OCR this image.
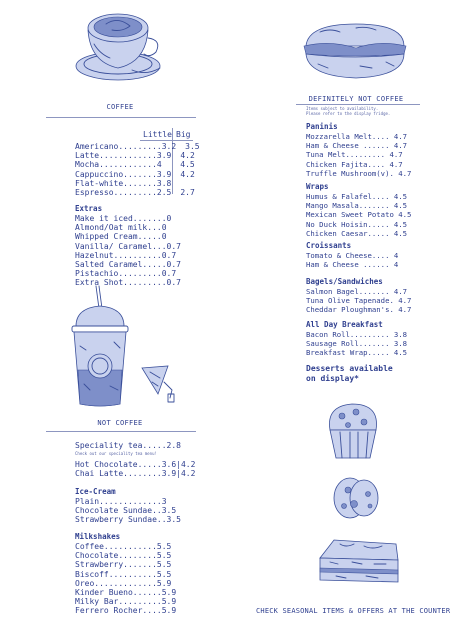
COFFEE
Little Big
Americano.........3.2 3.5
Latte............3.9 4.2
Mocha............4 4.5
Cappuccino.......3.9 4.2
Flat-white.......3.8
Espresso.........2.5 2.7
Extras
Make it iced.......0
Almond/Oat milk...0
Whipped Cream.....0
Vanilla/ Caramel...0.7
Hazelnut..........0.7
Salted Caramel.....0.7
Pistachio.........0.7
Extra Shot.........0.7
NOT COFFEE
Speciality tea.....2.8
Check out our speciality tea menu!
Hot Chocolate.....3.6|4.2
Chai Latte........3.9|4.2
Ice-Cream
Plain.............3
Chocolate Sundae..3.5
Strawberry Sundae..3.5
Milkshakes
Coffee...........5.5
Chocolate........5.5
Strawberry.......5.5
Biscoff..........5.5
Oreo.............5.9
Kinder Bueno......5.9
Milky Bar.........5.9
Ferrero Rocher....5.9
DEFINITELY NOT COFFEE
Items subject to availability.
Please refer to the display fridge.
Paninis
Mozzarella Melt.... 4.7
Ham & Cheese ...... 4.7
Tuna Melt......... 4.7
Chicken Fajita.... 4.7
Truffle Mushroom(v). 4.7
Wraps
Humus & Falafel.... 4.5
Mango Masala....... 4.5
Mexican Sweet Potato 4.5
No Duck Hoisin..... 4.5
Chicken Caesar..... 4.5
Croissants
Tomato & Cheese.... 4
Ham & Cheese ...... 4
Bagels/Sandwiches
Salmon Bagel....... 4.7
Tuna Olive Tapenade. 4.7
Cheddar Ploughman's. 4.7
All Day Breakfast
Bacon Roll......... 3.8
Sausage Roll....... 3.8
Breakfast Wrap..... 4.5
Desserts available
on display*
CHECK SEASONAL ITEMS & OFFERS AT THE COUNTER
